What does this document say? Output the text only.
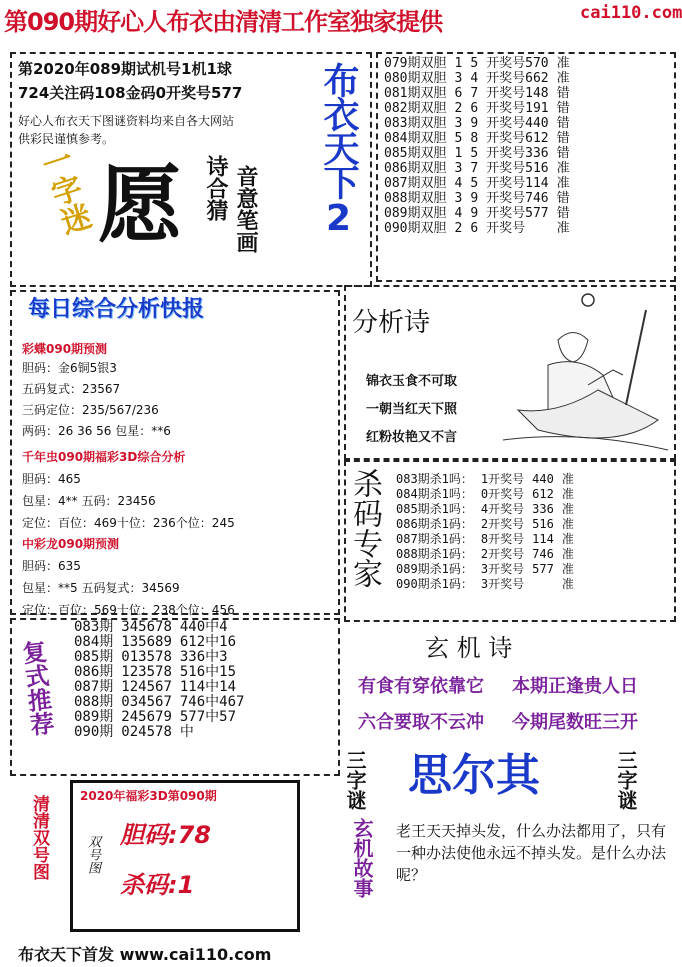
第090期好心人布衣由清清工作室独家提供	cai110.com
第2020年089期试机号1机1球
724关注码108金码0开奖号577
好心人布衣天下图谜资料均来自各大网站
供彩民谨慎参考。
一字迷 愿 诗合猜 音意笔画 布衣天下2 079期双胆	1	5	开奖号570	准
080期双胆	3	4	开奖号662	准
081期双胆	6	7	开奖号148	错
082期双胆	2	6	开奖号191	错
083期双胆	3	9	开奖号440	错
084期双胆	5	8	开奖号612	错
085期双胆	1	5	开奖号336	错
086期双胆	3	7	开奖号516	准
087期双胆	4	5	开奖号114	准
088期双胆	3	9	开奖号746	错
089期双胆	4	9	开奖号577	错
090期双胆	2	6	开奖号	准
每日综合分析快报
彩蝶090期预测
胆码：金6铜5银3
五码复式：23567
三码定位：235/567/236
两码：26 36 56 包星：**6
千年虫090期福彩3D综合分析
胆码：465
包星：4** 五码：23456
定位：百位：469十位：236个位：245
中彩龙090期预测
胆码：635
包星：**5 五码复式：34569
定位：百位：569十位：238个位：456
分析诗
锦衣玉食不可取
一朝当红天下照
红粉妆艳又不言
杀码专家 083期杀1吗：	1开奖号	440	准
084期杀1吗：	0开奖号	612	准
085期杀1吗：	4开奖号	336	准
086期杀1码：	2开奖号	516	准
087期杀1码：	8开奖号	114	准
088期杀1码：	2开奖号	746	准
089期杀1码：	3开奖号	577	准
090期杀1码：	3开奖号		准
复式推荐
083期	345678	440中4
084期	135689	612中16
085期	013578	336中3
086期	123578	516中15
087期	124567	114中14
088期	034567	746中467
089期	245679	577中57
090期	024578	中
玄 机 诗
有食有穿依靠它 本期正逢贵人日
六合要取不云冲 今期尾数旺三开
三字谜 思尔其	三字谜
玄机故事 老王天天掉头发，什么办法都用了，只有一种办法使他永远不掉头发。是什么办法呢？
清清双号图	2020年福彩3D第090期
双号图 胆码:78
杀码:1
布衣天下首发 www.cai110.com
